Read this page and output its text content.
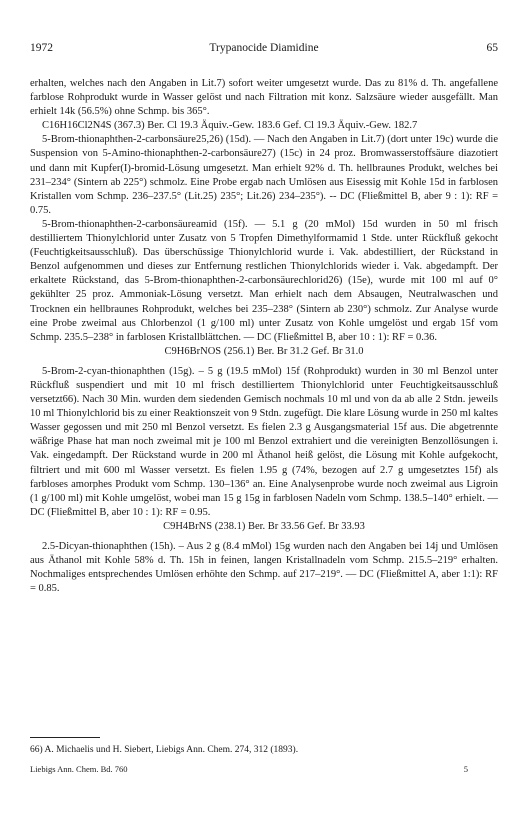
1972	Trypanocide Diamidine	65

erhalten, welches nach den Angaben in Lit.7) sofort weiter umgesetzt wurde. Das zu 81% d. Th. angefallene farblose Rohprodukt wurde in Wasser gelöst und nach Filtration mit konz. Salzsäure wieder ausgefällt. Man erhielt 14k (56.5%) ohne Schmp. bis 365°.

C16H16Cl2N4S (367.3) Ber. Cl 19.3 Äquiv.-Gew. 183.6 Gef. Cl 19.3 Äquiv.-Gew. 182.7

5-Brom-thionaphthen-2-carbonsäure25,26) (15d). — Nach den Angaben in Lit.7) (dort unter 19c) wurde die Suspension von 5-Amino-thionaphthen-2-carbonsäure27) (15c) in 24 proz. Bromwasserstoffsäure diazotiert und dann mit Kupfer(I)-bromid-Lösung umgesetzt. Man erhielt 92% d. Th. hellbraunes Produkt, welches bei 231–234° (Sintern ab 225°) schmolz. Eine Probe ergab nach Umlösen aus Eisessig mit Kohle 15d in farblosen Kristallen vom Schmp. 236–237.5° (Lit.25) 235°; Lit.26) 234–235°). -- DC (Fließmittel B, aber 9 : 1): RF = 0.75.

5-Brom-thionaphthen-2-carbonsäureamid (15f). — 5.1 g (20 mMol) 15d wurden in 50 ml frisch destilliertem Thionylchlorid unter Zusatz von 5 Tropfen Dimethylformamid 1 Stde. unter Rückfluß gekocht (Feuchtigkeitsausschluß). Das überschüssige Thionylchlorid wurde i. Vak. abdestilliert, der Rückstand in Benzol aufgenommen und dieses zur Entfernung restlichen Thionylchlorids wieder i. Vak. abgedampft. Der erkaltete Rückstand, das 5-Brom-thionaphthen-2-carbonsäurechlorid26) (15e), wurde mit 100 ml auf 0° gekühlter 25 proz. Ammoniak-Lösung versetzt. Man erhielt nach dem Absaugen, Neutralwaschen und Trocknen ein hellbraunes Rohprodukt, welches bei 235–238° (Sintern ab 230°) schmolz. Zur Analyse wurde eine Probe zweimal aus Chlorbenzol (1 g/100 ml) unter Zusatz von Kohle umgelöst und ergab 15f vom Schmp. 235.5–238° in farblosen Kristallblättchen. — DC (Fließmittel B, aber 10 : 1): RF = 0.36.

C9H6BrNOS (256.1) Ber. Br 31.2 Gef. Br 31.0

5-Brom-2-cyan-thionaphthen (15g). – 5 g (19.5 mMol) 15f (Rohprodukt) wurden in 30 ml Benzol unter Rückfluß suspendiert und mit 10 ml frisch destilliertem Thionylchlorid unter Feuchtigkeitsausschluß versetzt66). Nach 30 Min. wurden dem siedenden Gemisch nochmals 10 ml und von da ab alle 2 Stdn. jeweils 10 ml Thionylchlorid bis zu einer Reaktionszeit von 9 Stdn. zugefügt. Die klare Lösung wurde in 250 ml kaltes Wasser gegossen und mit 250 ml Benzol versetzt. Es fielen 2.3 g Ausgangsmaterial 15f aus. Die abgetrennte wäßrige Phase hat man noch zweimal mit je 100 ml Benzol extrahiert und die vereinigten Benzollösungen i. Vak. eingedampft. Der Rückstand wurde in 200 ml Äthanol heiß gelöst, die Lösung mit Kohle aufgekocht, filtriert und mit 600 ml Wasser versetzt. Es fielen 1.95 g (74%, bezogen auf 2.7 g umgesetztes 15f) als farbloses amorphes Produkt vom Schmp. 130–136° an. Eine Analysenprobe wurde noch zweimal aus Ligroin (1 g/100 ml) mit Kohle umgelöst, wobei man 15 g 15g in farblosen Nadeln vom Schmp. 138.5–140° erhielt. — DC (Fließmittel B, aber 10 : 1): RF = 0.95.

C9H4BrNS (238.1) Ber. Br 33.56 Gef. Br 33.93

2.5-Dicyan-thionaphthen (15h). – Aus 2 g (8.4 mMol) 15g wurden nach den Angaben bei 14j und Umlösen aus Äthanol mit Kohle 58% d. Th. 15h in feinen, langen Kristallnadeln vom Schmp. 215.5–219° erhalten. Nochmaliges entsprechendes Umlösen erhöhte den Schmp. auf 217–219°. — DC (Fließmittel A, aber 1:1): RF = 0.85.

66) A. Michaelis und H. Siebert, Liebigs Ann. Chem. 274, 312 (1893).
Liebigs Ann. Chem. Bd. 760	5
